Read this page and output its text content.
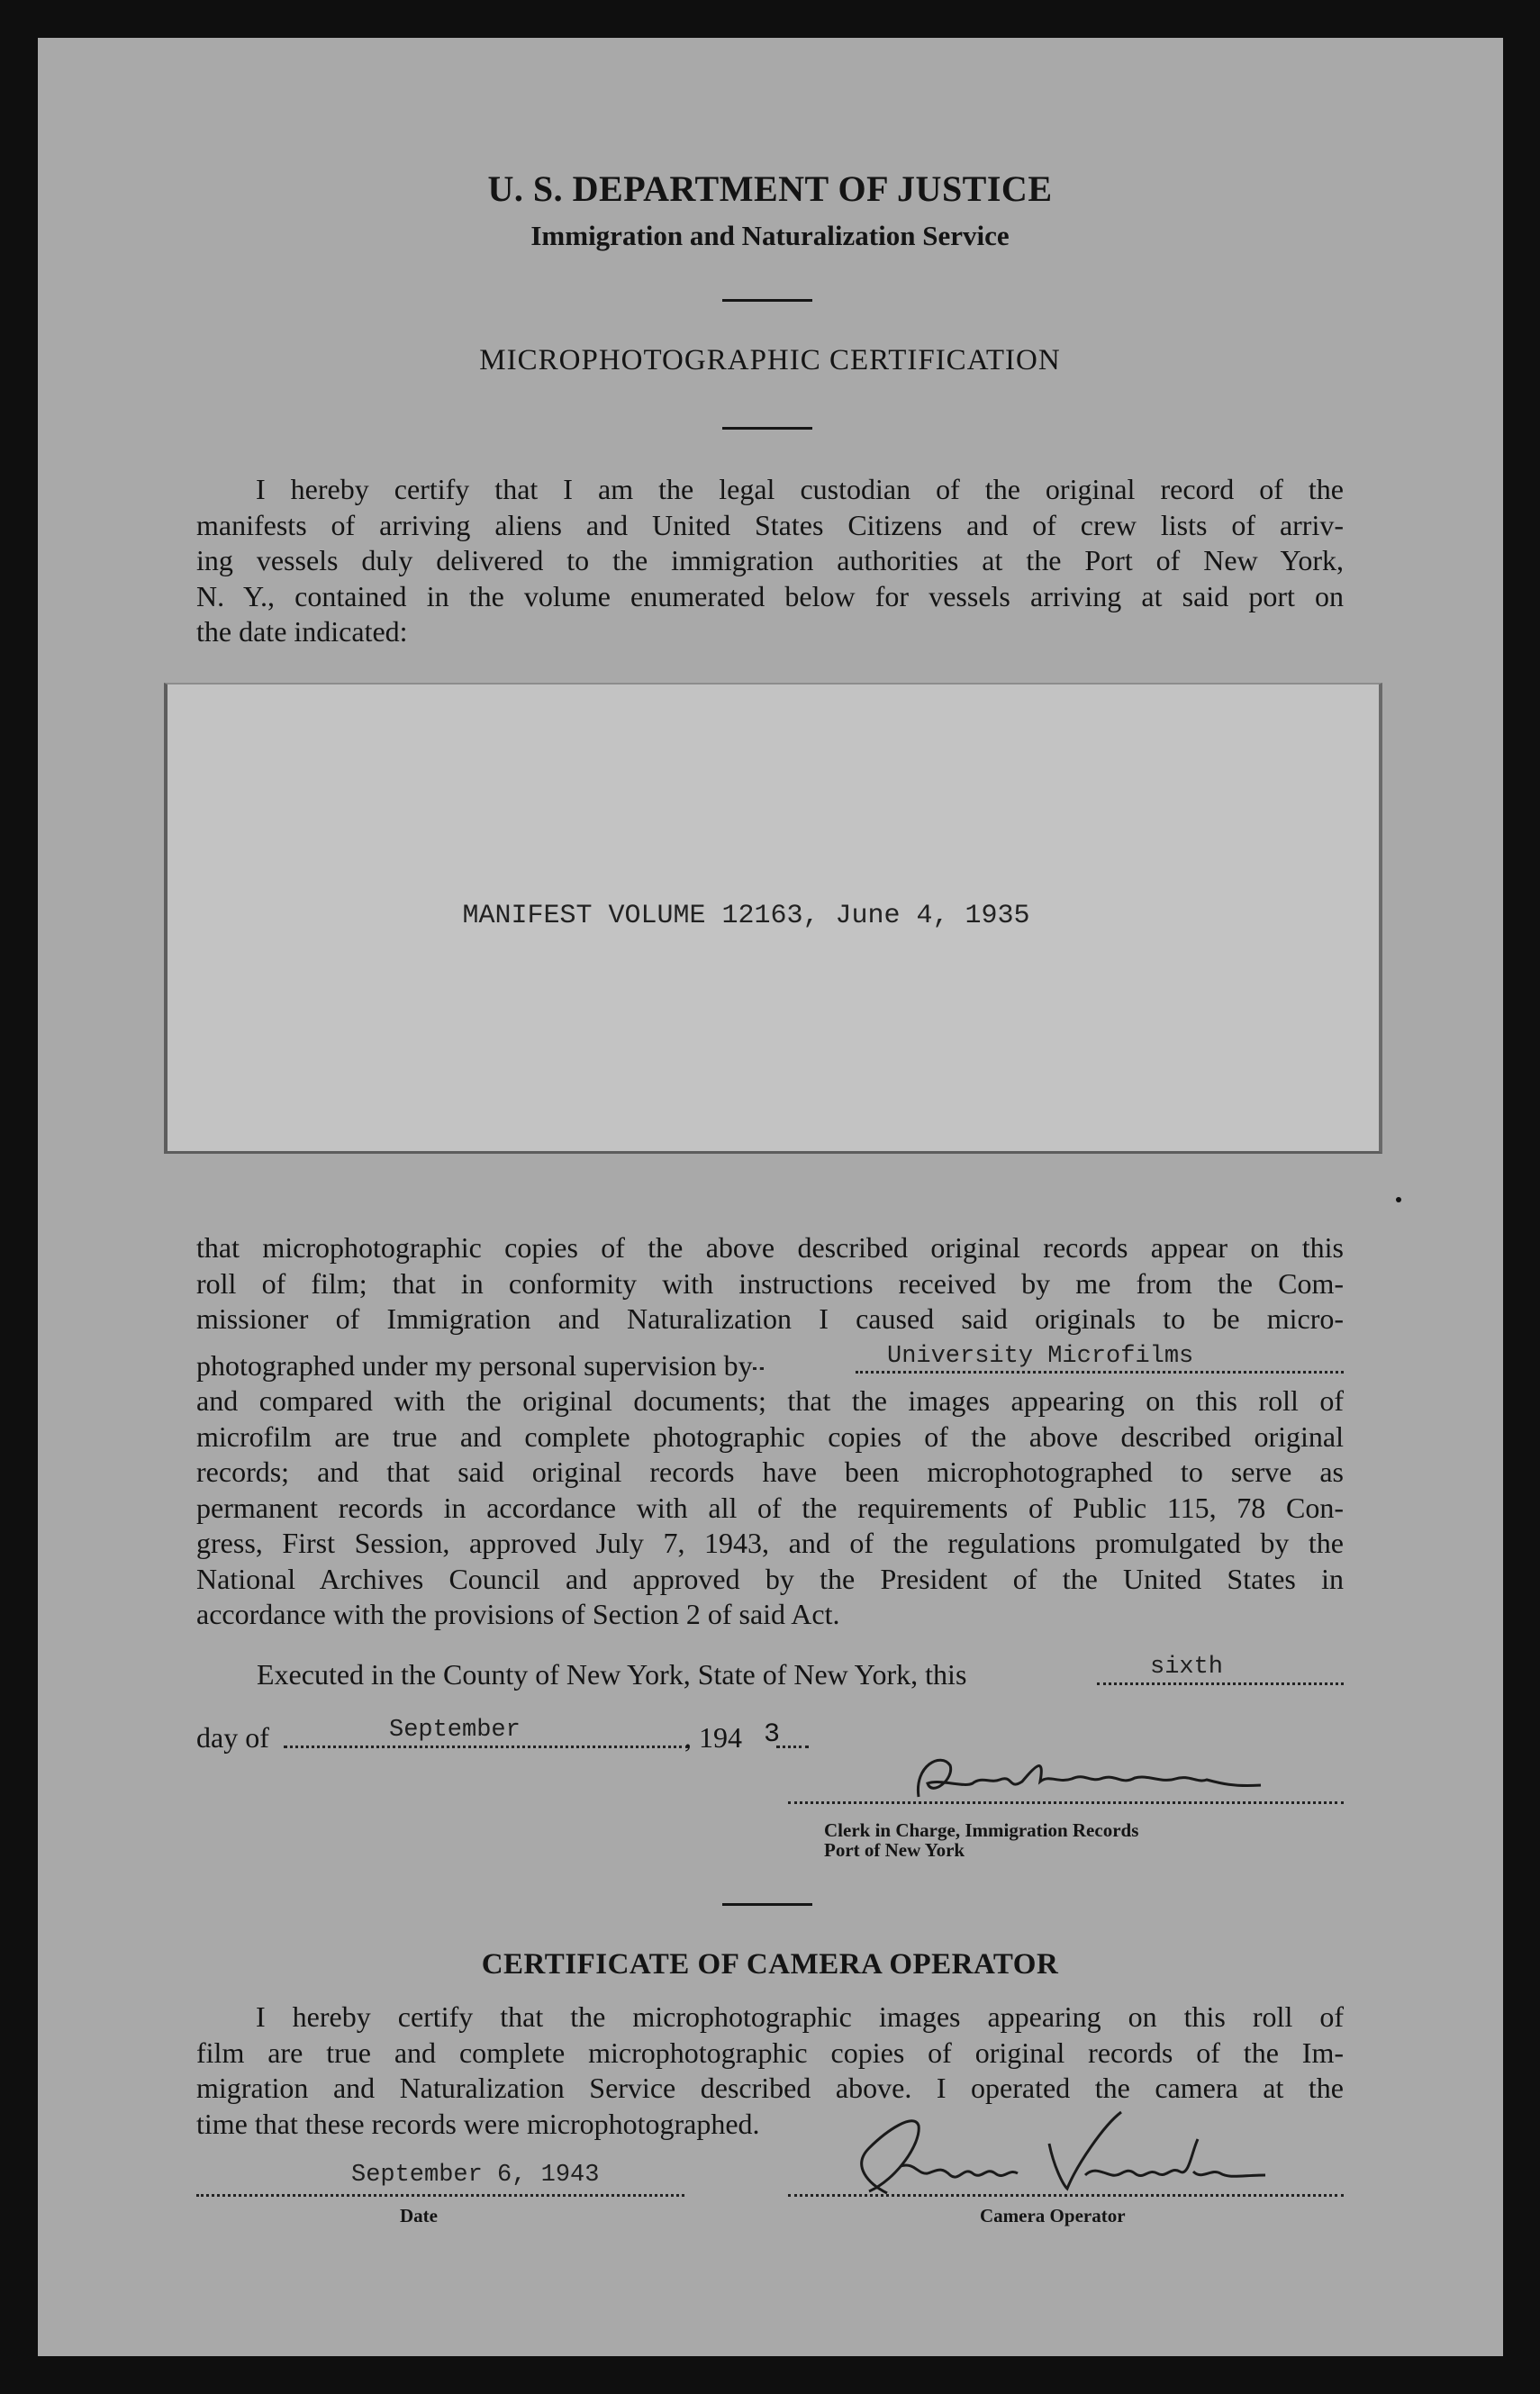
U. S. DEPARTMENT OF JUSTICE
Immigration and Naturalization Service
MICROPHOTOGRAPHIC CERTIFICATION
I hereby certify that I am the legal custodian of the original record of the
manifests of arriving aliens and United States Citizens and of crew lists of arriv-
ing vessels duly delivered to the immigration authorities at the Port of New York,
N. Y., contained in the volume enumerated below for vessels arriving at said port on
the date indicated:
MANIFEST VOLUME 12163, June 4, 1935
that microphotographic copies of the above described original records appear on this
roll of film; that in conformity with instructions received by me from the Com-
missioner of Immigration and Naturalization I caused said originals to be micro-
photographed under my personal supervision by	University Microfilms
and compared with the original documents; that the images appearing on this roll of
microfilm are true and complete photographic copies of the above described original
records; and that said original records have been microphotographed to serve as
permanent records in accordance with all of the requirements of Public 115, 78 Con-
gress, First Session, approved July 7, 1943, and of the regulations promulgated by the
National Archives Council and approved by the President of the United States in
accordance with the provisions of Section 2 of said Act.
Executed in the County of New York, State of New York, this	sixth
day of	September	, 194 3
Clerk in Charge, Immigration Records
Port of New York
CERTIFICATE OF CAMERA OPERATOR
I hereby certify that the microphotographic images appearing on this roll of
film are true and complete microphotographic copies of original records of the Im-
migration and Naturalization Service described above. I operated the camera at the
time that these records were microphotographed.
September 6, 1943
Date	Camera Operator
